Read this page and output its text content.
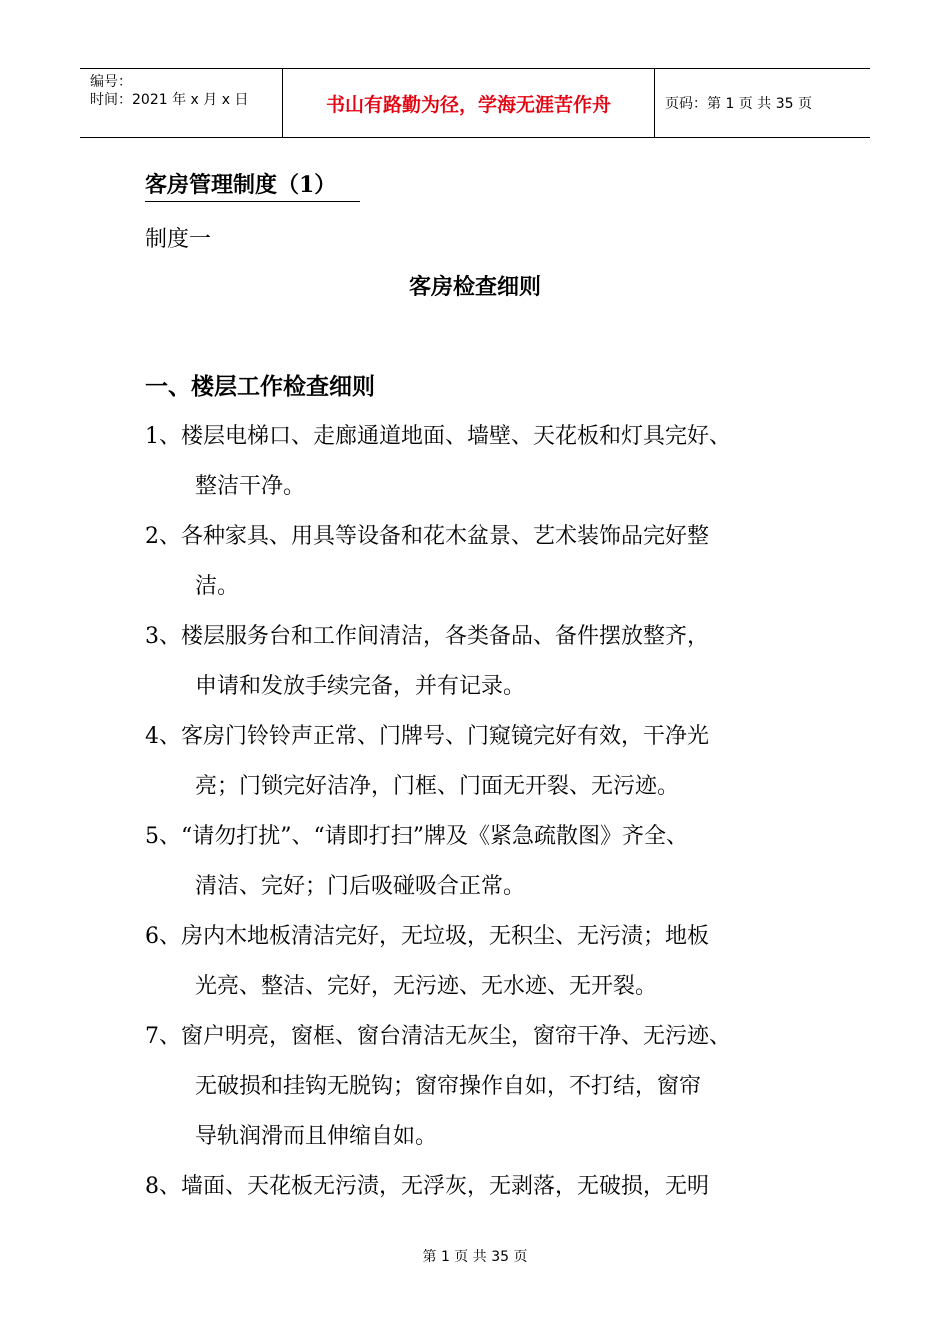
编号：
时间：2021 年 x 月 x 日	书山有路勤为径，学海无涯苦作舟	页码：第 1 页 共 35 页
客房管理制度（1）
制度一
客房检查细则
一、楼层工作检查细则
1、楼层电梯口、走廊通道地面、墙壁、天花板和灯具完好、
整洁干净。
2、各种家具、用具等设备和花木盆景、艺术装饰品完好整
洁。
3、楼层服务台和工作间清洁，各类备品、备件摆放整齐，
申请和发放手续完备，并有记录。
4、客房门铃铃声正常、门牌号、门窥镜完好有效，干净光
亮；门锁完好洁净，门框、门面无开裂、无污迹。
5、“请勿打扰”、“请即打扫”牌及《紧急疏散图》齐全、
清洁、完好；门后吸碰吸合正常。
6、房内木地板清洁完好，无垃圾，无积尘、无污渍；地板
光亮、整洁、完好，无污迹、无水迹、无开裂。
7、窗户明亮，窗框、窗台清洁无灰尘，窗帘干净、无污迹、
无破损和挂钩无脱钩；窗帘操作自如，不打结，窗帘
导轨润滑而且伸缩自如。
8、墙面、天花板无污渍，无浮灰，无剥落，无破损，无明
第 1 页 共 35 页
